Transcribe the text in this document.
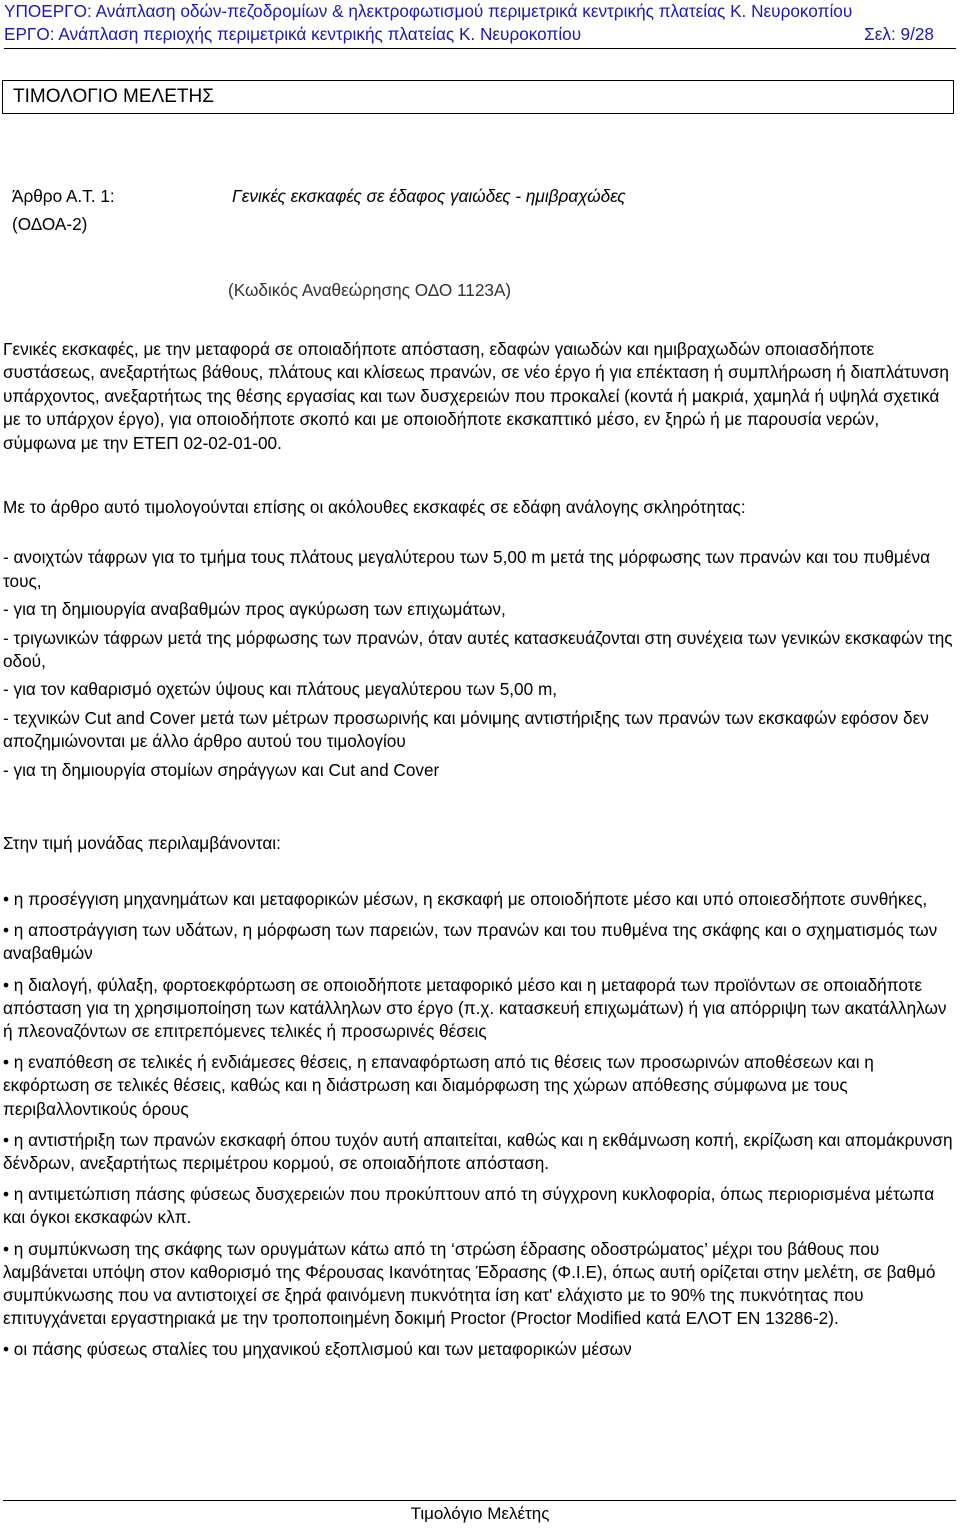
ΥΠΟΕΡΓΟ: Ανάπλαση οδών-πεζοδρομίων & ηλεκτροφωτισμού περιμετρικά κεντρικής πλατείας Κ. Νευροκοπίου
ΕΡΓΟ: Ανάπλαση περιοχής περιμετρικά κεντρικής πλατείας Κ. Νευροκοπίου	Σελ: 9/28
ΤΙΜΟΛΟΓΙΟ ΜΕΛΕΤΗΣ
Άρθρο Α.Τ. 1:
(ΟΔΟΑ-2)
Γενικές εκσκαφές σε έδαφος γαιώδες - ημιβραχώδες
(Κωδικός Αναθεώρησης ΟΔΟ 1123Α)
Γενικές εκσκαφές, με την μεταφορά σε οποιαδήποτε απόσταση, εδαφών γαιωδών και ημιβραχωδών οποιασδήποτε συστάσεως, ανεξαρτήτως βάθους, πλάτους και κλίσεως πρανών, σε νέο έργο ή για επέκταση ή συμπλήρωση ή διαπλάτυνση υπάρχοντος, ανεξαρτήτως της θέσης εργασίας και των δυσχερειών που προκαλεί (κοντά ή μακριά, χαμηλά ή υψηλά σχετικά με το υπάρχον έργο), για οποιοδήποτε σκοπό και με οποιοδήποτε εκσκαπτικό μέσο, εν ξηρώ ή με παρουσία νερών, σύμφωνα με την ΕΤΕΠ 02-02-01-00.

Με το άρθρο αυτό τιμολογούνται επίσης οι ακόλουθες εκσκαφές σε εδάφη ανάλογης σκληρότητας:

- ανοιχτών τάφρων για το τμήμα τους πλάτους μεγαλύτερου των 5,00 m μετά της μόρφωσης των πρανών και του πυθμένα τους,

- για τη δημιουργία αναβαθμών προς αγκύρωση των επιχωμάτων,

- τριγωνικών τάφρων μετά της μόρφωσης των πρανών, όταν αυτές κατασκευάζονται στη συνέχεια των γενικών εκσκαφών της οδού,

- για τον καθαρισμό οχετών ύψους και πλάτους μεγαλύτερου των 5,00 m,

- τεχνικών Cut and Cover μετά των μέτρων προσωρινής και μόνιμης αντιστήριξης των πρανών των εκσκαφών εφόσον δεν αποζημιώνονται με άλλο άρθρο αυτού του τιμολογίου

- για τη δημιουργία στομίων σηράγγων και Cut and Cover

Στην τιμή μονάδας περιλαμβάνονται:

• η προσέγγιση μηχανημάτων και μεταφορικών μέσων, η εκσκαφή με οποιοδήποτε μέσο και υπό οποιεσδήποτε συνθήκες,

• η αποστράγγιση των υδάτων, η μόρφωση των παρειών, των πρανών και του πυθμένα της σκάφης και ο σχηματισμός των αναβαθμών

• η διαλογή, φύλαξη, φορτοεκφόρτωση σε οποιοδήποτε μεταφορικό μέσο και η μεταφορά των προϊόντων σε οποιαδήποτε απόσταση για τη χρησιμοποίηση των κατάλληλων στο έργο (π.χ. κατασκευή επιχωμάτων) ή για απόρριψη των ακατάλληλων ή πλεοναζόντων σε επιτρεπόμενες τελικές ή προσωρινές θέσεις

• η εναπόθεση σε τελικές ή ενδιάμεσες θέσεις, η επαναφόρτωση από τις θέσεις των προσωρινών αποθέσεων και η εκφόρτωση σε τελικές θέσεις, καθώς και η διάστρωση και διαμόρφωση της χώρων απόθεσης σύμφωνα με τους περιβαλλοντικούς όρους

• η αντιστήριξη των πρανών εκσκαφή όπου τυχόν αυτή απαιτείται, καθώς και η εκθάμνωση κοπή, εκρίζωση και απομάκρυνση δένδρων, ανεξαρτήτως περιμέτρου κορμού, σε οποιαδήποτε απόσταση.

• η αντιμετώπιση πάσης φύσεως δυσχερειών που προκύπτουν από τη σύγχρονη κυκλοφορία, όπως περιορισμένα μέτωπα και όγκοι εκσκαφών κλπ.

• η συμπύκνωση της σκάφης των ορυγμάτων κάτω από τη ‘στρώση έδρασης οδοστρώματος’ μέχρι του βάθους που λαμβάνεται υπόψη στον καθορισμό της Φέρουσας Ικανότητας Έδρασης (Φ.Ι.Ε), όπως αυτή ορίζεται στην μελέτη, σε βαθμό συμπύκνωσης που να αντιστοιχεί σε ξηρά φαινόμενη πυκνότητα ίση κατ' ελάχιστο με το 90% της πυκνότητας που επιτυγχάνεται εργαστηριακά με την τροποποιημένη δοκιμή Proctor (Proctor Modified κατά ΕΛΟΤ ΕΝ 13286-2).

• οι πάσης φύσεως σταλίες του μηχανικού εξοπλισμού και των μεταφορικών μέσων

Τιμολόγιο Μελέτης
